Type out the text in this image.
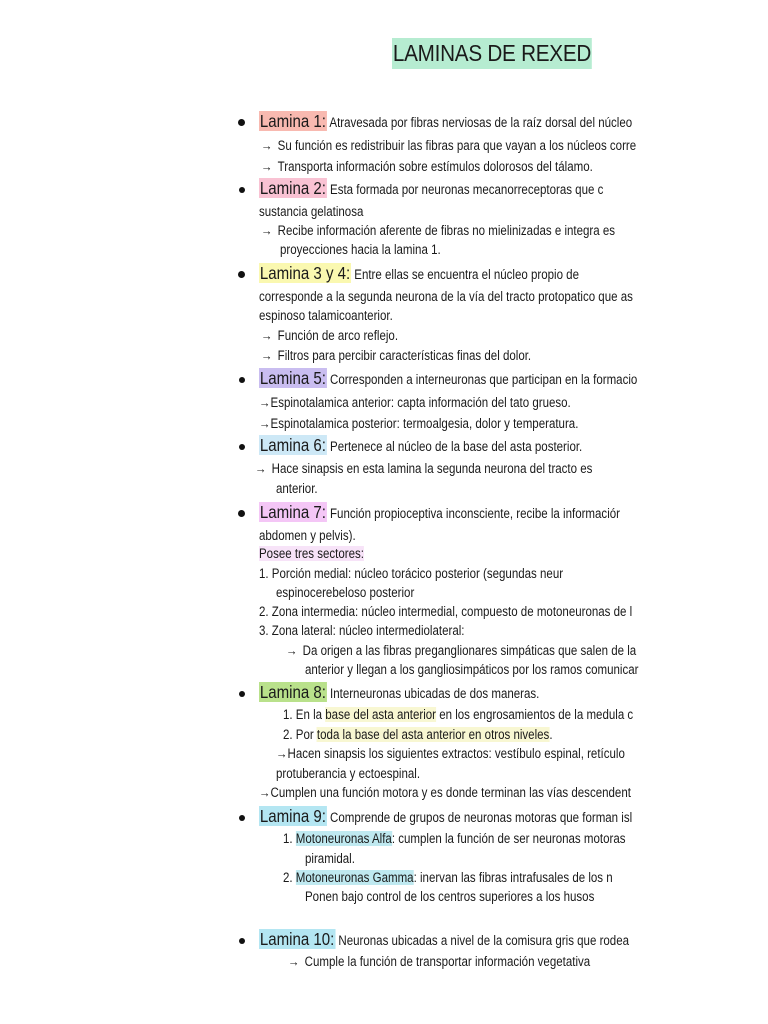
LAMINAS DE REXED
Lamina 1: Atravesada por fibras nerviosas de la raíz dorsal del núcleo
→ Su función es redistribuir las fibras para que vayan a los núcleos corre
→ Transporta información sobre estímulos dolorosos del tálamo.
Lamina 2: Esta formada por neuronas mecanorreceptoras que c
sustancia gelatinosa
→ Recibe información aferente de fibras no mielinizadas e integra es
proyecciones hacia la lamina 1.
Lamina 3 y 4: Entre ellas se encuentra el núcleo propio de
corresponde a la segunda neurona de la vía del tracto protopatico que as
espinoso talamicoanterior.
→ Función de arco reflejo.
→ Filtros para percibir características finas del dolor.
Lamina 5: Corresponden a interneuronas que participan en la formacio
→Espinotalamica anterior: capta información del tato grueso.
→Espinotalamica posterior: termoalgesia, dolor y temperatura.
Lamina 6: Pertenece al núcleo de la base del asta posterior.
→ Hace sinapsis en esta lamina la segunda neurona del tracto es
anterior.
Lamina 7: Función propioceptiva inconsciente, recibe la informaciór
abdomen y pelvis).
Posee tres sectores:
1. Porción medial: núcleo torácico posterior (segundas neur
espinocerebeloso posterior
2. Zona intermedia: núcleo intermedial, compuesto de motoneuronas de l
3. Zona lateral: núcleo intermediolateral:
→ Da origen a las fibras preganglionares simpáticas que salen de la
anterior y llegan a los gangliosimpáticos por los ramos comunicar
Lamina 8: Interneuronas ubicadas de dos maneras.
1. En la base del asta anterior en los engrosamientos de la medula c
2. Por toda la base del asta anterior en otros niveles.
→Hacen sinapsis los siguientes extractos: vestíbulo espinal, retículo
protuberancia y ectoespinal.
→Cumplen una función motora y es donde terminan las vías descendent
Lamina 9: Comprende de grupos de neuronas motoras que forman isl
1. Motoneuronas Alfa: cumplen la función de ser neuronas motoras
piramidal.
2. Motoneuronas Gamma: inervan las fibras intrafusales de los n
Ponen bajo control de los centros superiores a los husos
Lamina 10: Neuronas ubicadas a nivel de la comisura gris que rodea
→ Cumple la función de transportar información vegetativa
